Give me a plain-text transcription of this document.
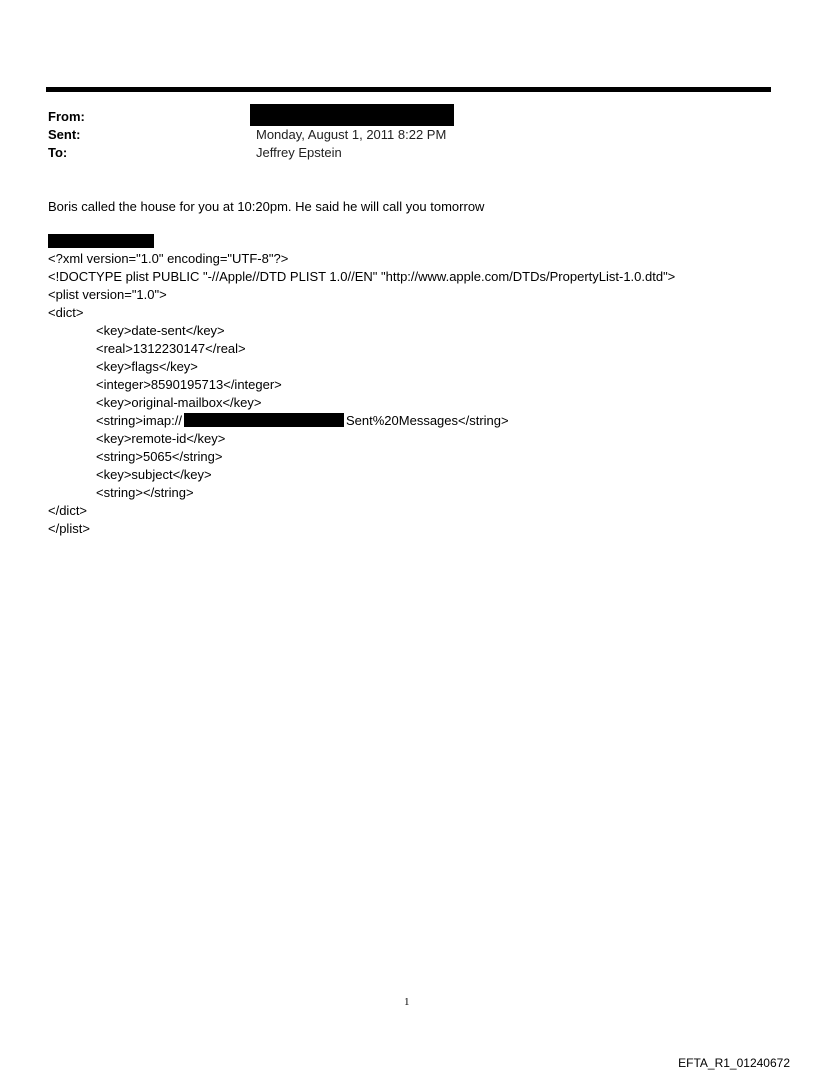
From:
Sent:	Monday, August 1, 2011 8:22 PM
To:	Jeffrey Epstein
Boris called the house for you at 10:20pm. He said he will call you tomorrow
<?xml version="1.0" encoding="UTF-8"?>
<!DOCTYPE plist PUBLIC "-//Apple//DTD PLIST 1.0//EN" "http://www.apple.com/DTDs/PropertyList-1.0.dtd">
<plist version="1.0">
<dict>
<key>date-sent</key>
<real>1312230147</real>
<key>flags</key>
<integer>8590195713</integer>
<key>original-mailbox</key>
<string>imap://	Sent%20Messages</string>
<key>remote-id</key>
<string>5065</string>
<key>subject</key>
<string></string>
</dict>
</plist>
1
EFTA_R1_01240672
